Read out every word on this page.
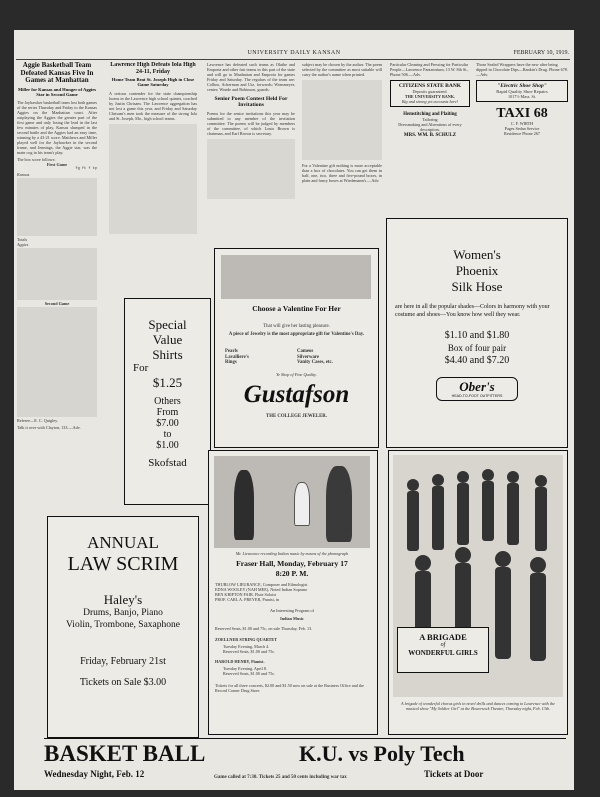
UNIVERSITY DAILY KANSAN	FEBRUARY 10, 1919.
Aggie Basketball Team Defeated Kansas Five In Games at Manhattan
Miller for Kansas and Hunger of Aggies Star in Second Game
The Jayhawker basketball team lost both games of the series Thursday and Friday to the Kansas Aggies on the Manhattan court. After outplaying the Aggies the greater part of the first game and only losing the lead in the last few minutes of play, Kansas slumped in the second battle and the Aggies had an easy time, winning by a 43-21 score. Matthews and Miller played well for the Jayhawker in the second frame, and Jennings, the Aggie star, was the main cog in his team's play.
The box score follows:
First Game
fg ft f tp
Kansas
Totals
Aggies
Second Game
Referee—E. C. Quigley.
Talk it over with Clayton, 133.—Adv.
Lawrence High Defeats Iola High 24-11, Friday
Home Team Beat St. Joseph High in Close Game Saturday
A serious contender for the state championship looms in the Lawrence high school quintet, coached by Justin Chrisam. The Lawrence aggregation has not lost a game this year, and Friday and Saturday Chrisam's men took the measure of the strong Iola and St. Joseph, Mo., high school teams.
Lawrence has defeated such teams as Olathe and Emporia and other fast teams in this part of the state and will go to Manhattan and Emporia for games Friday and Saturday. The regulars of the team are: Collins, Ackerman and Utz, forwards; Wonsmeyer, center; Wonde and Robinson, guards.
Senior Poem Contest Held For Invitations
Poems for the senior invitations this year may be submitted to any member of the invitation committee. The poems will be judged by members of the committee, of which Louis Brown is chairman, and Earl Brown is secretary.
subject may be chosen by the author. The poem selected by the committee as most suitable will carry the author's name when printed.
For a Valentine gift nothing is more acceptable than a box of chocolates. You can get them in half, one, two, three and five-pound boxes, in plain and fancy boxes at Wiedemann's.—Adv.
Particular Cleaning and Pressing for Particular People—Lawrence Pantatorium, 13 W. 8th St., Phone 506.—Adv.
CITIZENS STATE BANK
Deposits guaranteed.
THE UNIVERSITY BANK.
Big and strong yet accounts here!
Hemstitching and Plaiting
Tailoring
Dressmaking and Alterations of every description.
MRS. WM. B. SCHULZ
Those Sealed Wrappers have the new after being dipped in Chocolate Dips—Rankin's Drug. Phone 678.—Adv.
"Electric Shoe Shop"
Rapid Quality Shoe Repairs
1017½ Mass. St.
TAXI 68
C. F. WIRTH
Pages Sedan Service
Residence Phone 267
Special
Value
Shirts
For
$1.25
Others
From
$7.00
to
$1.00
Skofstad
Choose a Valentine For Her
That will give her lasting pleasure.
A piece of Jewelry is the most appropriate gift for Valentine's Day.
Pearls
Lavalliere's
Rings
Cameos
Silverware
Vanity Cases, etc.
Ye Shop of Fine Quality.
Gustafson
THE COLLEGE JEWELER.
Women's
Phoenix
Silk Hose
are here in all the popular shades—Colors in harmony with your costume and shoes—You know how well they wear.
$1.10 and $1.80
Box of four pair
$4.40 and $7.20
Ober's
HEAD-TO-FOOT OUTFITTERS
ANNUAL
LAW SCRIM
Haley's
Drums, Banjo, Piano
Violin, Trombone, Saxaphone
Friday, February 21st
Tickets on Sale $3.00
Mr. Lieurance recording Indian music by means of the phonograph
Fraser Hall, Monday, February 17
8:20 P. M.
THURLOW LIEURANCE, Composer and Ethnologist
EDNA WOOLEY (NAH MEE), Noted Indian Soprano
BEN KRIPTON FAIR, Flute Soloist
PROF. CARL A. PREYER, Pianist, in
An Interesting Program of
Indian Music
Reserved Seats, $1.00 and 75c, on sale Thursday, Feb. 13.
ZOELLNER STRING QUARTET
Tuesday Evening, March 4.
Reserved Seats, $1.00 and 75c.
HAROLD HENRY, Pianist.
Tuesday Evening, April 8.
Reserved Seats, $1.00 and 75c.
Tickets for all three concerts, $2.00 and $1.50 now on sale at the Business Office and the Record Corner Drug Store.
A BRIGADE
of
WONDERFUL GIRLS
A brigade of wonderful chorus girls in novel drills and dances coming to Lawrence with the musical show "My Soldier Girl" at the Bowersock Theatre, Thursday night, Feb. 13th.
BASKET BALL
Wednesday Night, Feb. 12	Game called at 7:30. Tickets 25 and 50 cents including war tax
K.U. vs Poly Tech
Tickets at Door
